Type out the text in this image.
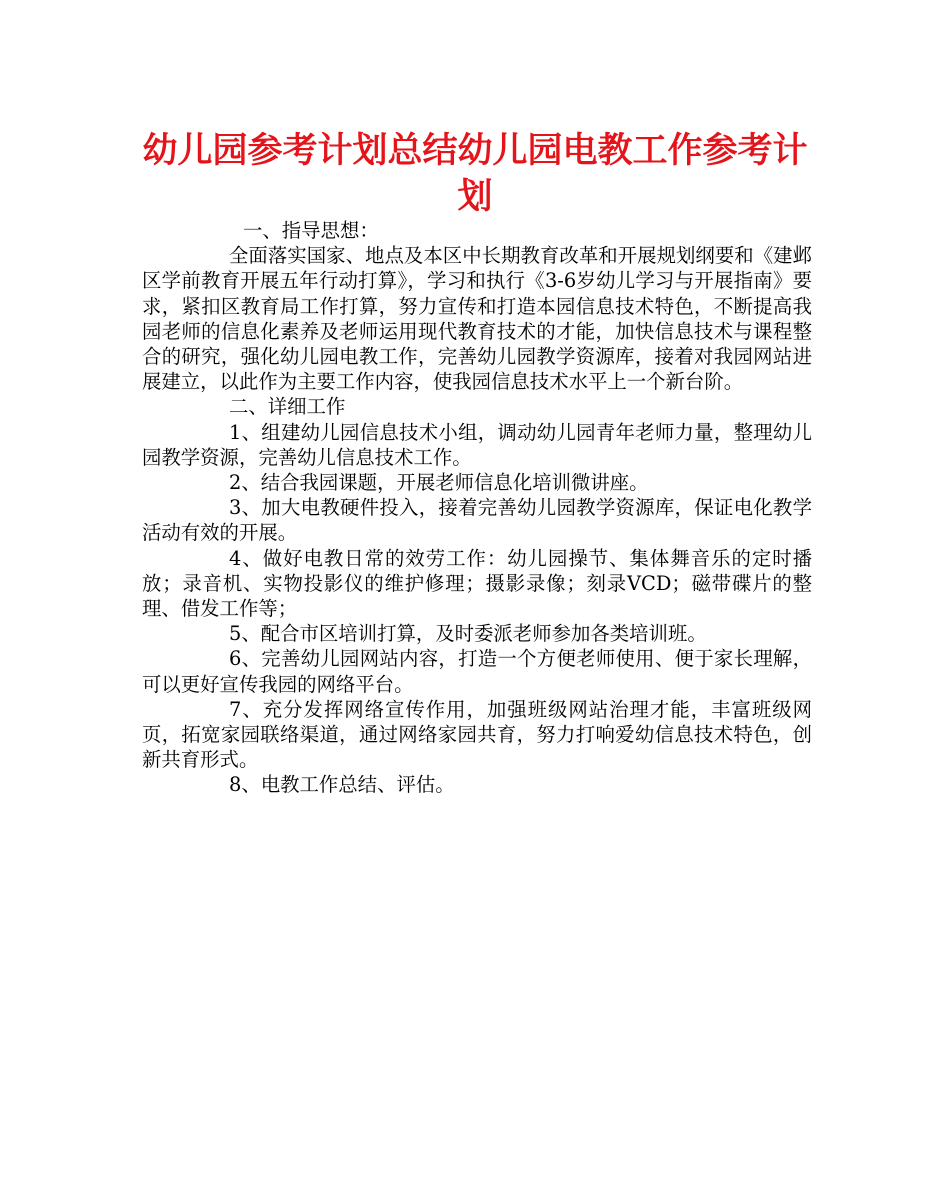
幼儿园参考计划总结幼儿园电教工作参考计划

一、指导思想：

全面落实国家、地点及本区中长期教育改革和开展规划纲要和《建邺区学前教育开展五年行动打算》，学习和执行《3-6岁幼儿学习与开展指南》要求，紧扣区教育局工作打算，努力宣传和打造本园信息技术特色，不断提高我园老师的信息化素养及老师运用现代教育技术的才能，加快信息技术与课程整合的研究，强化幼儿园电教工作，完善幼儿园教学资源库，接着对我园网站进展建立，以此作为主要工作内容，使我园信息技术水平上一个新台阶。

二、详细工作

1、组建幼儿园信息技术小组，调动幼儿园青年老师力量，整理幼儿园教学资源，完善幼儿信息技术工作。

2、结合我园课题，开展老师信息化培训微讲座。

3、加大电教硬件投入，接着完善幼儿园教学资源库，保证电化教学活动有效的开展。

4、做好电教日常的效劳工作：幼儿园操节、集体舞音乐的定时播放；录音机、实物投影仪的维护修理；摄影录像；刻录VCD；磁带碟片的整理、借发工作等；

5、配合市区培训打算，及时委派老师参加各类培训班。

6、完善幼儿园网站内容，打造一个方便老师使用、便于家长理解，可以更好宣传我园的网络平台。

7、充分发挥网络宣传作用，加强班级网站治理才能，丰富班级网页，拓宽家园联络渠道，通过网络家园共育，努力打响爱幼信息技术特色，创新共育形式。

8、电教工作总结、评估。
